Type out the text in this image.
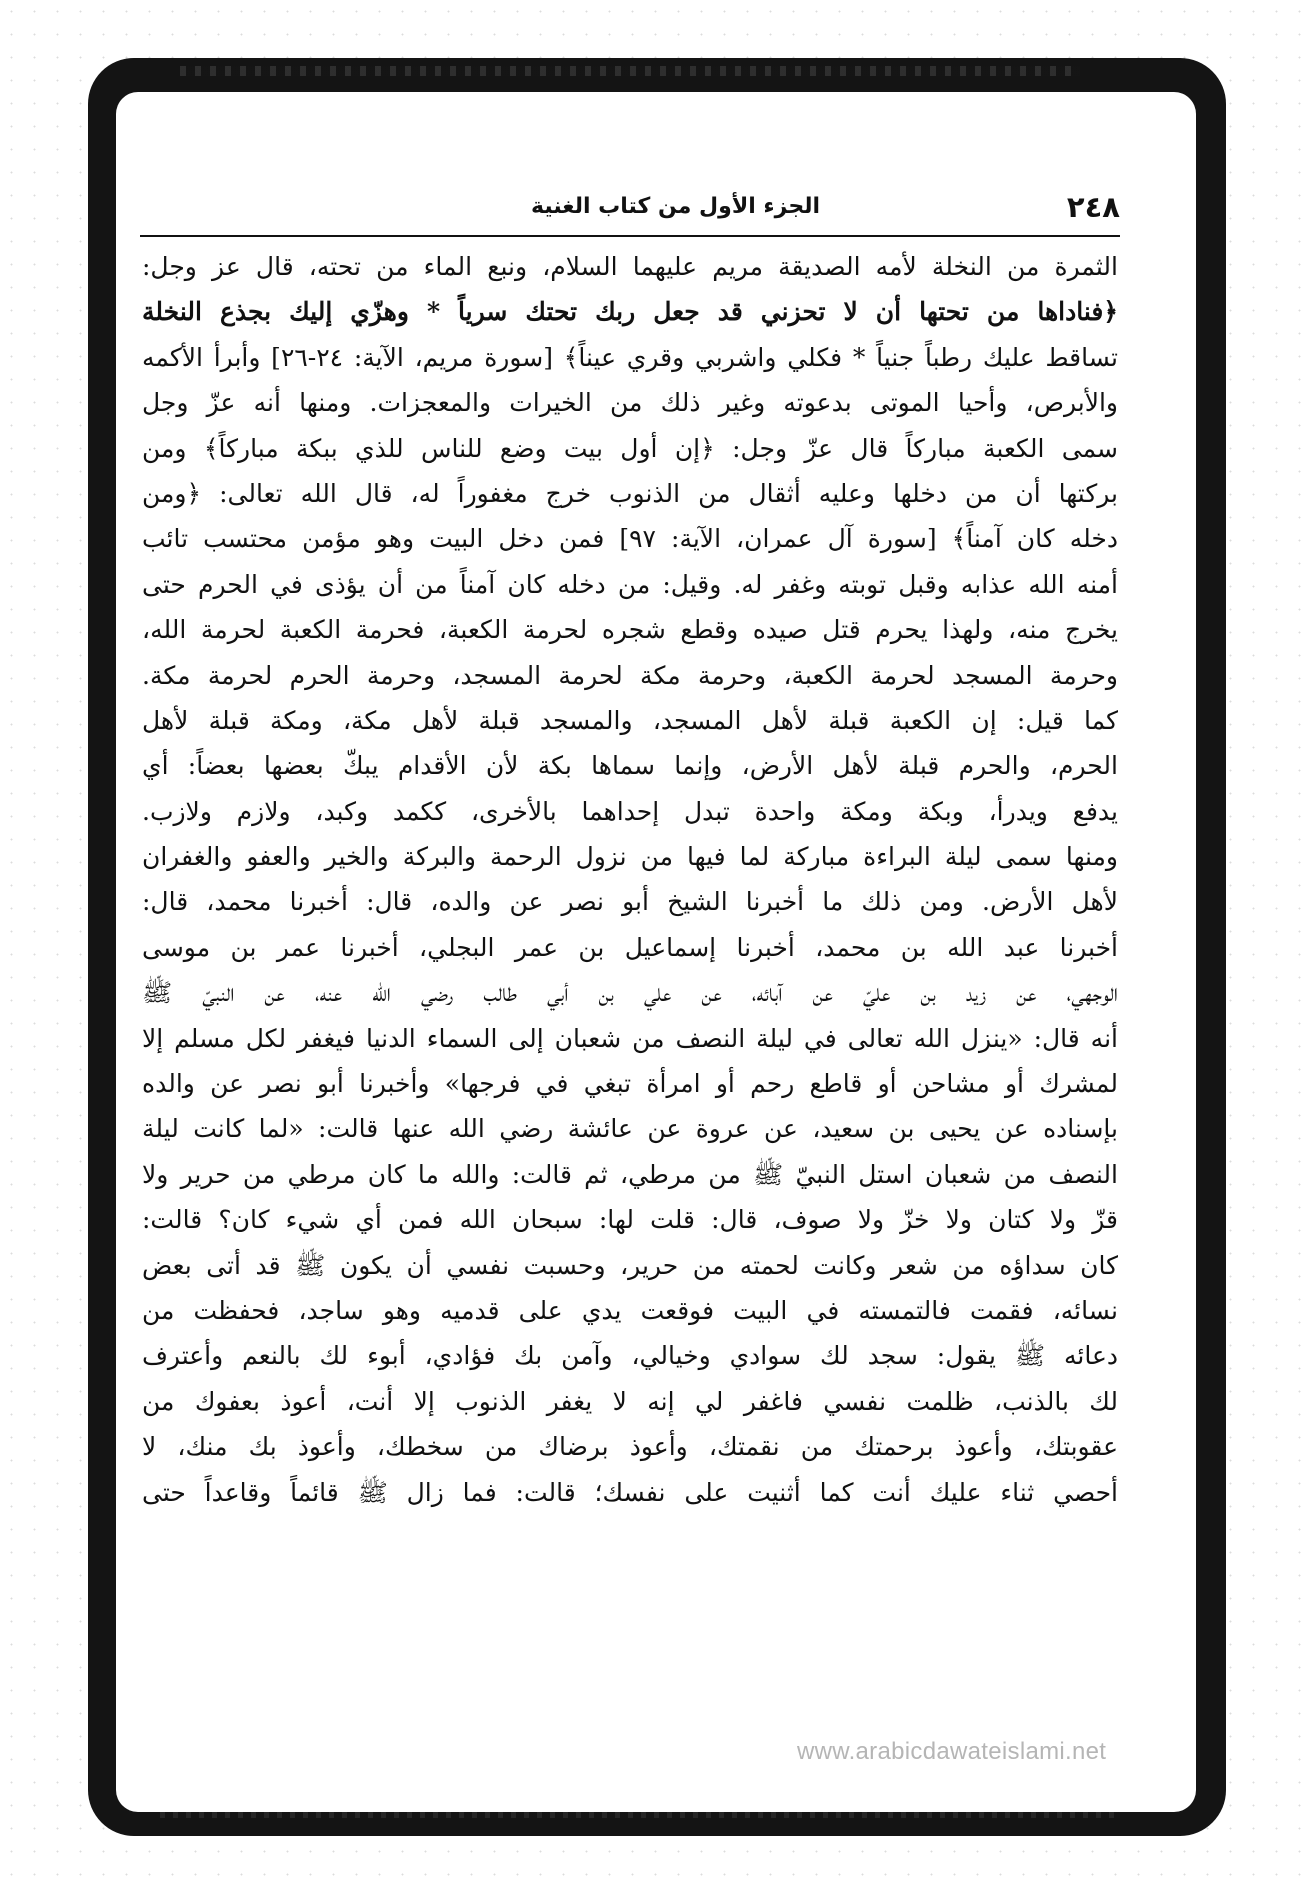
٢٤٨
الجزء الأول من كتاب الغنية
الثمرة من النخلة لأمه الصديقة مريم عليهما السلام، ونبع الماء من تحته، قال عز وجل:
﴿فناداها من تحتها أن لا تحزني قد جعل ربك تحتك سرياً * وهزّي إليك بجذع النخلة
تساقط عليك رطباً جنياً * فكلي واشربي وقري عيناً﴾ [سورة مريم، الآية: ٢٤-٢٦] وأبرأ الأكمه
والأبرص، وأحيا الموتى بدعوته وغير ذلك من الخيرات والمعجزات. ومنها أنه عزّ وجل
سمى الكعبة مباركاً قال عزّ وجل: ﴿إن أول بيت وضع للناس للذي ببكة مباركاً﴾ ومن
بركتها أن من دخلها وعليه أثقال من الذنوب خرج مغفوراً له، قال الله تعالى: ﴿ومن
دخله كان آمناً﴾ [سورة آل عمران، الآية: ٩٧] فمن دخل البيت وهو مؤمن محتسب تائب
أمنه الله عذابه وقبل توبته وغفر له. وقيل: من دخله كان آمناً من أن يؤذى في الحرم حتى
يخرج منه، ولهذا يحرم قتل صيده وقطع شجره لحرمة الكعبة، فحرمة الكعبة لحرمة الله،
وحرمة المسجد لحرمة الكعبة، وحرمة مكة لحرمة المسجد، وحرمة الحرم لحرمة مكة.
كما قيل: إن الكعبة قبلة لأهل المسجد، والمسجد قبلة لأهل مكة، ومكة قبلة لأهل
الحرم، والحرم قبلة لأهل الأرض، وإنما سماها بكة لأن الأقدام يبكّ بعضها بعضاً: أي
يدفع ويدرأ، وبكة ومكة واحدة تبدل إحداهما بالأخرى، ككمد وكبد، ولازم ولازب.
ومنها سمى ليلة البراءة مباركة لما فيها من نزول الرحمة والبركة والخير والعفو والغفران
لأهل الأرض. ومن ذلك ما أخبرنا الشيخ أبو نصر عن والده، قال: أخبرنا محمد، قال:
أخبرنا عبد الله بن محمد، أخبرنا إسماعيل بن عمر البجلي، أخبرنا عمر بن موسى
الوجهي، عن زيد بن عليّ عن آبائه، عن علي بن أبي طالب رضي الله عنه، عن النبيّ ﷺ
أنه قال: «ينزل الله تعالى في ليلة النصف من شعبان إلى السماء الدنيا فيغفر لكل مسلم إلا
لمشرك أو مشاحن أو قاطع رحم أو امرأة تبغي في فرجها» وأخبرنا أبو نصر عن والده
بإسناده عن يحيى بن سعيد، عن عروة عن عائشة رضي الله عنها قالت: «لما كانت ليلة
النصف من شعبان استل النبيّ ﷺ من مرطي، ثم قالت: والله ما كان مرطي من حرير ولا
قزّ ولا كتان ولا خزّ ولا صوف، قال: قلت لها: سبحان الله فمن أي شيء كان؟ قالت:
كان سداؤه من شعر وكانت لحمته من حرير، وحسبت نفسي أن يكون ﷺ قد أتى بعض
نسائه، فقمت فالتمسته في البيت فوقعت يدي على قدميه وهو ساجد، فحفظت من
دعائه ﷺ يقول: سجد لك سوادي وخيالي، وآمن بك فؤادي، أبوء لك بالنعم وأعترف
لك بالذنب، ظلمت نفسي فاغفر لي إنه لا يغفر الذنوب إلا أنت، أعوذ بعفوك من
عقوبتك، وأعوذ برحمتك من نقمتك، وأعوذ برضاك من سخطك، وأعوذ بك منك، لا
أحصي ثناء عليك أنت كما أثنيت على نفسك؛ قالت: فما زال ﷺ قائماً وقاعداً حتى
www.arabicdawateislami.net
